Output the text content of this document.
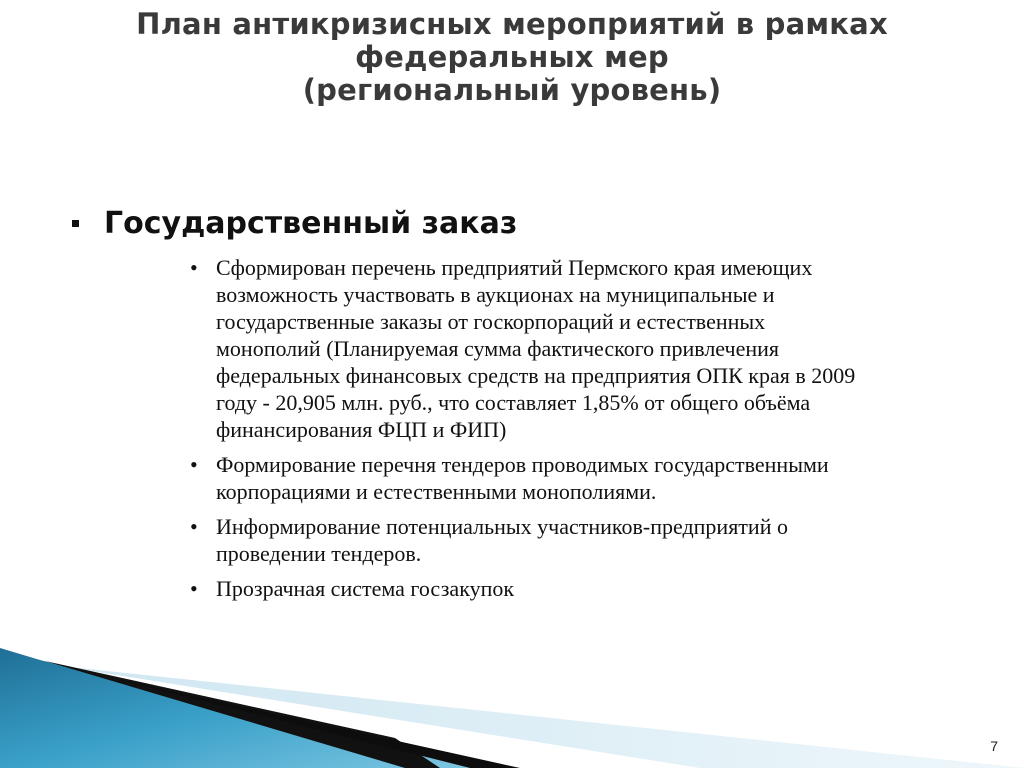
План антикризисных мероприятий в рамках
федеральных мер
(региональный уровень)
Государственный заказ
• Сформирован перечень предприятий Пермского края имеющих
возможность участвовать в аукционах на муниципальные и
государственные заказы от госкорпораций и естественных
монополий (Планируемая сумма фактического привлечения
федеральных финансовых средств на предприятия ОПК края в 2009
году - 20,905 млн. руб., что составляет 1,85% от общего объёма
финансирования ФЦП и ФИП)
• Формирование перечня тендеров проводимых государственными
корпорациями и естественными монополиями.
• Информирование потенциальных участников-предприятий о
проведении тендеров.
• Прозрачная система госзакупок
7
